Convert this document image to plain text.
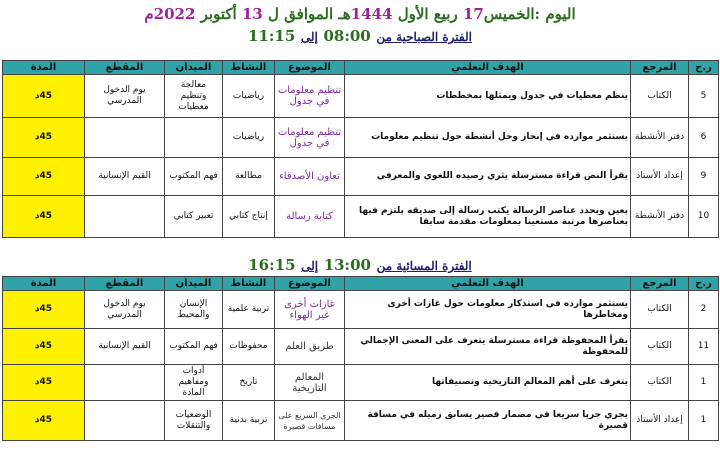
اليوم :الخميس17 ربيع الأول 1444هـ الموافق ل 13 أكتوبر 2022م
الفترة الصباحية من 08:00 إلى 11:15
ر.ح	المرجع	الهدف التعلمي	الموضوع	النشاط	الميدان	المقطع	المدة
5	الكتاب	ينظم معطيات في جدول ويمثلها بمخططات	تنظيم معلومات في جدول	رياضيات	معالجة وتنظيم معطيات	يوم الدخول المدرسي	45د
6	دفتر الأنشطة	يستثمر موارده في إنجاز وحل أنشطة حول تنظيم معلومات	تنظيم معلومات في جدول	رياضيات			45د
9	إعداد الأستاذ	يقرأ النص قراءة مسترسلة يثري رصيده اللغوي والمعرفي	تعاون الأصدقاء	مطالعة	فهم المكتوب	القيم الإنسانية	45د
10	دفتر الأنشطة	يعين ويحدد عناصر الرسالة يكتب رسالة إلى صديقه يلتزم فيها بعناصرها مرتبة مستعينا بمعلومات مقدمة سابقا	كتابة رسالة	إنتاج كتابي	تعبير كتابي		45د
الفترة المسائية من 13:00 إلى 16:15
ر.ح	المرجع	الهدف التعلمي	الموضوع	النشاط	الميدان	المقطع	المدة
2	الكتاب	يستثمر موارده في استذكار معلومات حول غازات أخرى ومخاطرها	غازات أخرى غير الهواء	تربية علمية	الإنسان والمحيط	يوم الدخول المدرسي	45د
11	الكتاب	يقرأ المحفوظة قراءة مسترسلة يتعرف على المعنى الإجمالي للمحفوظة	طريق العلم	محفوظات	فهم المكتوب	القيم الإنسانية	45د
1	الكتاب	يتعرف على أهم المعالم التاريخية وتصنيفاتها	المعالم التاريخية	تاريخ	أدوات ومفاهيم المادة		45د
1	إعداد الأستاذ	يجري جريا سريعا في مضمار قصير يسابق زميله في مسافة قصيرة	الجري السريع على مسافات قصيرة	تربية بدنية	الوضعيات والتنقلات		45د
